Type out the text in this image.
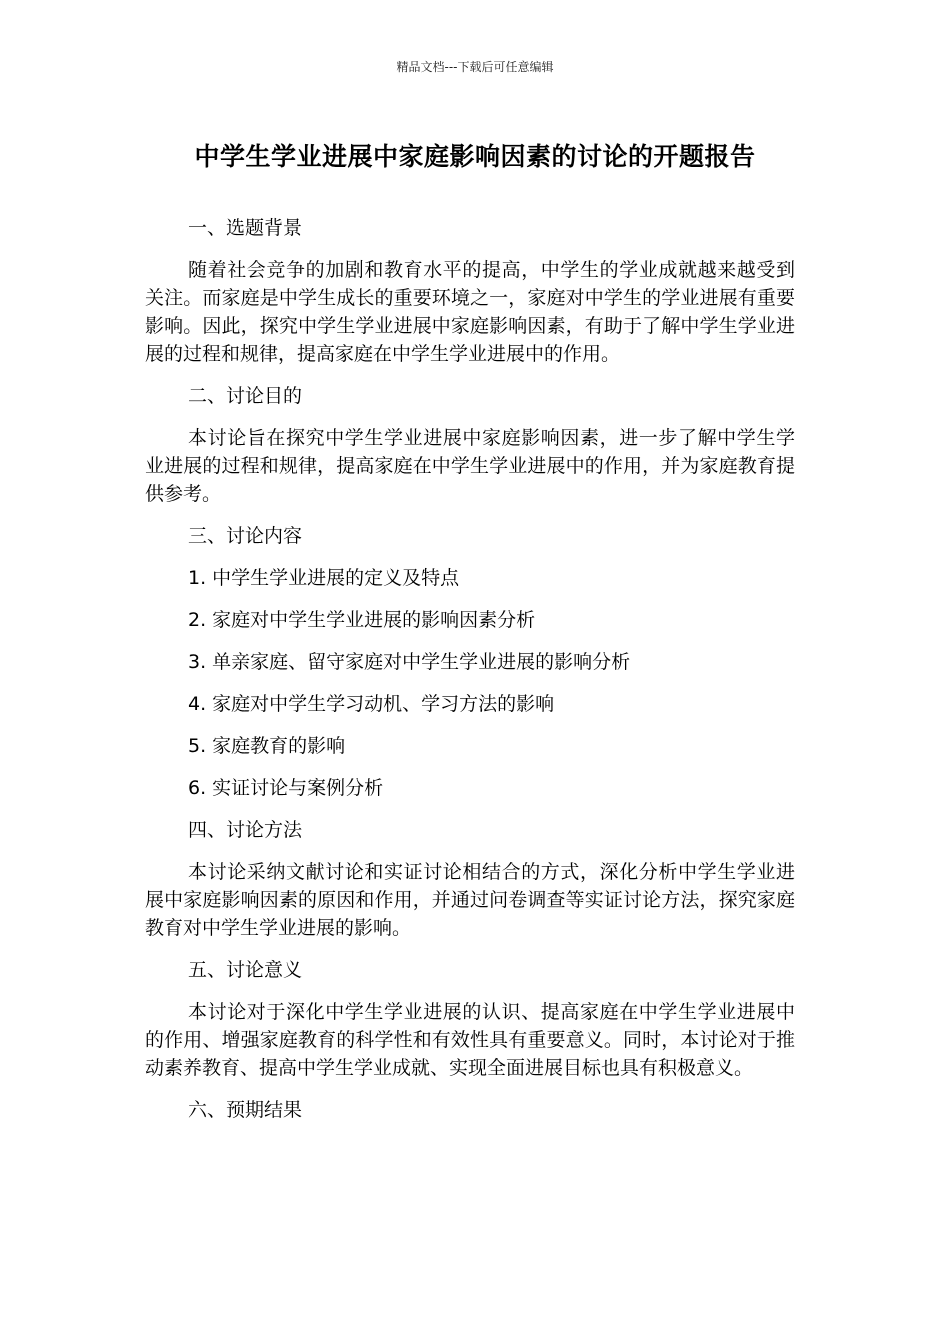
精品文档---下载后可任意编辑
中学生学业进展中家庭影响因素的讨论的开题报告
一、选题背景
随着社会竞争的加剧和教育水平的提高，中学生的学业成就越来越受到关注。而家庭是中学生成长的重要环境之一，家庭对中学生的学业进展有重要影响。因此，探究中学生学业进展中家庭影响因素，有助于了解中学生学业进展的过程和规律，提高家庭在中学生学业进展中的作用。
二、讨论目的
本讨论旨在探究中学生学业进展中家庭影响因素，进一步了解中学生学业进展的过程和规律，提高家庭在中学生学业进展中的作用，并为家庭教育提供参考。
三、讨论内容
1. 中学生学业进展的定义及特点
2. 家庭对中学生学业进展的影响因素分析
3. 单亲家庭、留守家庭对中学生学业进展的影响分析
4. 家庭对中学生学习动机、学习方法的影响
5. 家庭教育的影响
6. 实证讨论与案例分析
四、讨论方法
本讨论采纳文献讨论和实证讨论相结合的方式，深化分析中学生学业进展中家庭影响因素的原因和作用，并通过问卷调查等实证讨论方法，探究家庭教育对中学生学业进展的影响。
五、讨论意义
本讨论对于深化中学生学业进展的认识、提高家庭在中学生学业进展中的作用、增强家庭教育的科学性和有效性具有重要意义。同时，本讨论对于推动素养教育、提高中学生学业成就、实现全面进展目标也具有积极意义。
六、预期结果
